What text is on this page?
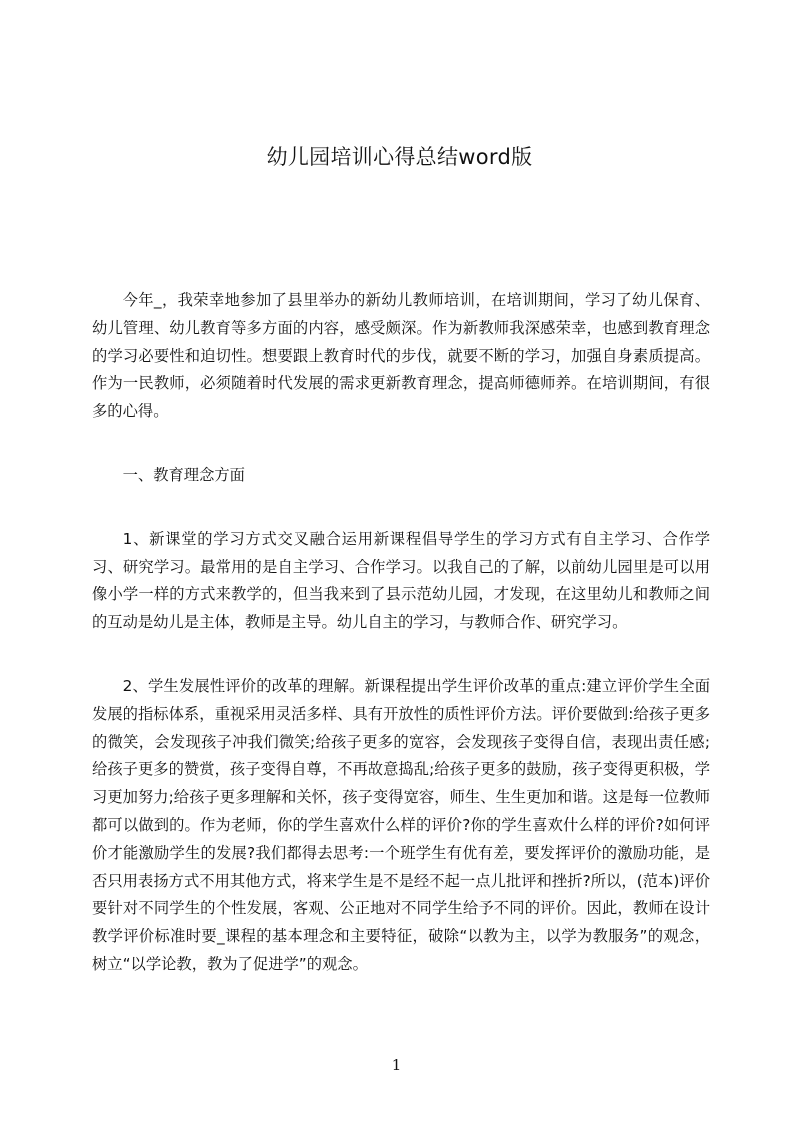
幼儿园培训心得总结word版

今年_，我荣幸地参加了县里举办的新幼儿教师培训，在培训期间，学习了幼儿保育、幼儿管理、幼儿教育等多方面的内容，感受颇深。作为新教师我深感荣幸，也感到教育理念的学习必要性和迫切性。想要跟上教育时代的步伐，就要不断的学习，加强自身素质提高。作为一民教师，必须随着时代发展的需求更新教育理念，提高师德师养。在培训期间，有很多的心得。

一、教育理念方面

1、新课堂的学习方式交叉融合运用新课程倡导学生的学习方式有自主学习、合作学习、研究学习。最常用的是自主学习、合作学习。以我自己的了解，以前幼儿园里是可以用像小学一样的方式来教学的，但当我来到了县示范幼儿园，才发现，在这里幼儿和教师之间的互动是幼儿是主体，教师是主导。幼儿自主的学习，与教师合作、研究学习。

2、学生发展性评价的改革的理解。新课程提出学生评价改革的重点:建立评价学生全面发展的指标体系，重视采用灵活多样、具有开放性的质性评价方法。评价要做到:给孩子更多的微笑，会发现孩子冲我们微笑;给孩子更多的宽容，会发现孩子变得自信，表现出责任感;给孩子更多的赞赏，孩子变得自尊，不再故意捣乱;给孩子更多的鼓励，孩子变得更积极，学习更加努力;给孩子更多理解和关怀，孩子变得宽容，师生、生生更加和谐。这是每一位教师都可以做到的。作为老师，你的学生喜欢什么样的评价?你的学生喜欢什么样的评价?如何评价才能激励学生的发展?我们都得去思考:一个班学生有优有差，要发挥评价的激励功能，是否只用表扬方式不用其他方式，将来学生是不是经不起一点儿批评和挫折?所以，(范本)评价要针对不同学生的个性发展，客观、公正地对不同学生给予不同的评价。因此，教师在设计教学评价标准时要_课程的基本理念和主要特征，破除“以教为主，以学为教服务”的观念，树立“以学论教，教为了促进学”的观念。

1
